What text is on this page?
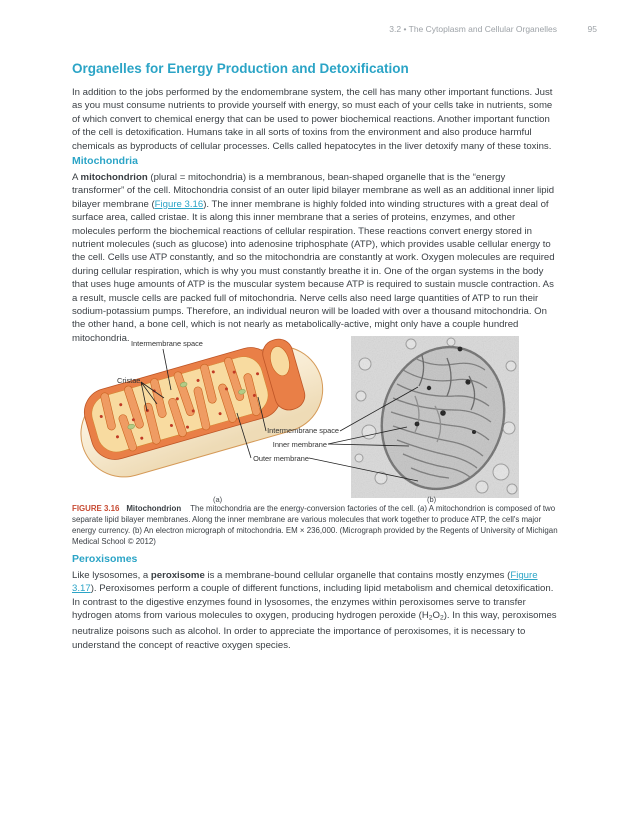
3.2 • The Cytoplasm and Cellular Organelles	95
Organelles for Energy Production and Detoxification

In addition to the jobs performed by the endomembrane system, the cell has many other important functions. Just as you must consume nutrients to provide yourself with energy, so must each of your cells take in nutrients, some of which convert to chemical energy that can be used to power biochemical reactions. Another important function of the cell is detoxification. Humans take in all sorts of toxins from the environment and also produce harmful chemicals as byproducts of cellular processes. Cells called hepatocytes in the liver detoxify many of these toxins.

Mitochondria

A mitochondrion (plural = mitochondria) is a membranous, bean-shaped organelle that is the “energy transformer” of the cell. Mitochondria consist of an outer lipid bilayer membrane as well as an additional inner lipid bilayer membrane (Figure 3.16). The inner membrane is highly folded into winding structures with a great deal of surface area, called cristae. It is along this inner membrane that a series of proteins, enzymes, and other molecules perform the biochemical reactions of cellular respiration. These reactions convert energy stored in nutrient molecules (such as glucose) into adenosine triphosphate (ATP), which provides usable cellular energy to the cell. Cells use ATP constantly, and so the mitochondria are constantly at work. Oxygen molecules are required during cellular respiration, which is why you must constantly breathe it in. One of the organ systems in the body that uses huge amounts of ATP is the muscular system because ATP is required to sustain muscle contraction. As a result, muscle cells are packed full of mitochondria. Nerve cells also need large quantities of ATP to run their sodium-potassium pumps. Therefore, an individual neuron will be loaded with over a thousand mitochondria. On the other hand, a bone cell, which is not nearly as metabolically-active, might only have a couple hundred mitochondria. Intermembrane space
Cristae
Intermembrane space
Inner membrane
Outer membrane
(a)	(b)
FIGURE 3.16 Mitochondrion The mitochondria are the energy-conversion factories of the cell. (a) A mitochondrion is composed of two separate lipid bilayer membranes. Along the inner membrane are various molecules that work together to produce ATP, the cell's major energy currency. (b) An electron micrograph of mitochondria. EM × 236,000. (Micrograph provided by the Regents of University of Michigan Medical School © 2012)
Peroxisomes

Like lysosomes, a peroxisome is a membrane-bound cellular organelle that contains mostly enzymes (Figure 3.17). Peroxisomes perform a couple of different functions, including lipid metabolism and chemical detoxification. In contrast to the digestive enzymes found in lysosomes, the enzymes within peroxisomes serve to transfer hydrogen atoms from various molecules to oxygen, producing hydrogen peroxide (H2O2). In this way, peroxisomes neutralize poisons such as alcohol. In order to appreciate the importance of peroxisomes, it is necessary to understand the concept of reactive oxygen species.
